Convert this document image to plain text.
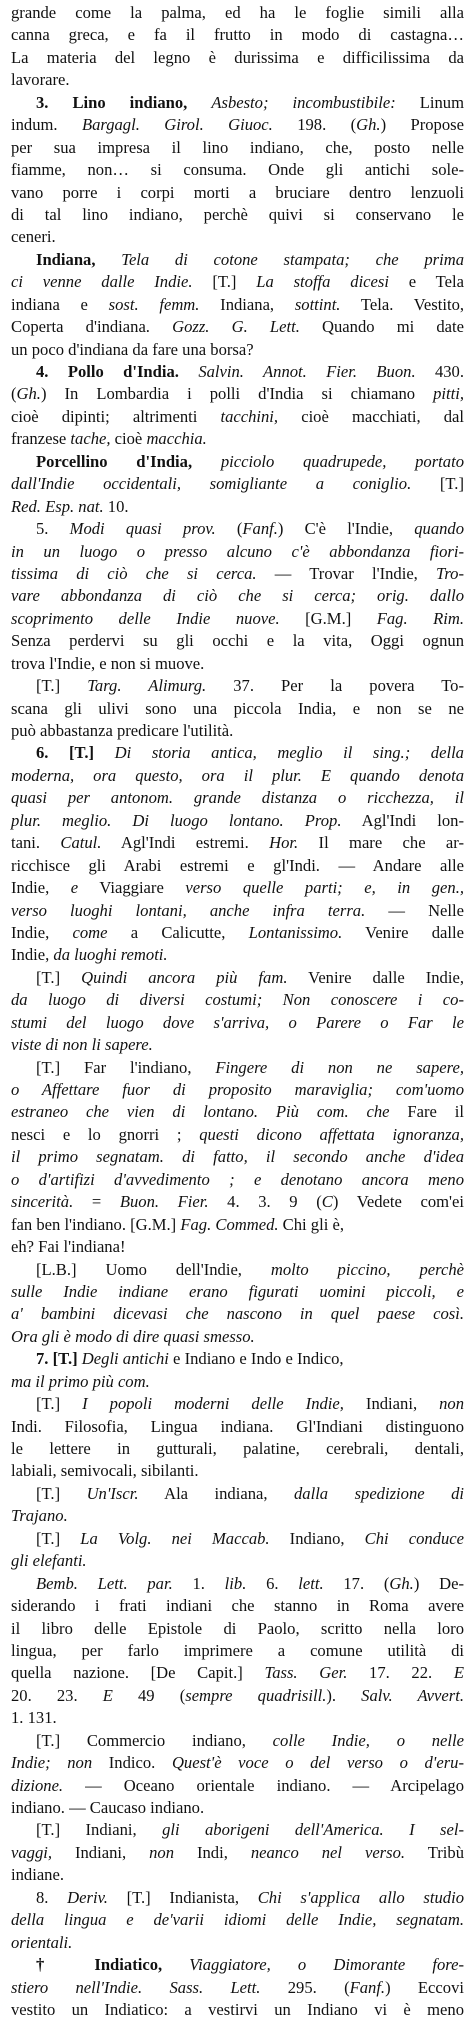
grande come la palma, ed ha le foglie simili alla
canna greca, e fa il frutto in modo di castagna…
La materia del legno è durissima e difficilissima da
lavorare.
3. Lino indiano, Asbesto; incombustibile: Linum
indum. Bargagl. Girol. Giuoc. 198. (Gh.) Propose
per sua impresa il lino indiano, che, posto nelle
fiamme, non… si consuma. Onde gli antichi sole-
vano porre i corpi morti a bruciare dentro lenzuoli
di tal lino indiano, perchè quivi si conservano le
ceneri.
Indiana, Tela di cotone stampata; che prima
ci venne dalle Indie. [T.] La stoffa dicesi e Tela
indiana e sost. femm. Indiana, sottint. Tela. Vestito,
Coperta d'indiana. Gozz. G. Lett. Quando mi date
un poco d'indiana da fare una borsa?
4. Pollo d'India. Salvin. Annot. Fier. Buon. 430.
(Gh.) In Lombardia i polli d'India si chiamano pitti,
cioè dipinti; altrimenti tacchini, cioè macchiati, dal
franzese tache, cioè macchia.
Porcellino d'India, picciolo quadrupede, portato
dall'Indie occidentali, somigliante a coniglio. [T.]
Red. Esp. nat. 10.
5. Modi quasi prov. (Fanf.) C'è l'Indie, quando
in un luogo o presso alcuno c'è abbondanza fiori-
tissima di ciò che si cerca. — Trovar l'Indie, Tro-
vare abbondanza di ciò che si cerca; orig. dallo
scoprimento delle Indie nuove. [G.M.] Fag. Rim.
Senza perdervi su gli occhi e la vita, Oggi ognun
trova l'Indie, e non si muove.
[T.] Targ. Alimurg. 37. Per la povera To-
scana gli ulivi sono una piccola India, e non se ne
può abbastanza predicare l'utilità.
6. [T.] Di storia antica, meglio il sing.; della
moderna, ora questo, ora il plur. E quando denota
quasi per antonom. grande distanza o ricchezza, il
plur. meglio. Di luogo lontano. Prop. Agl'Indi lon-
tani. Catul. Agl'Indi estremi. Hor. Il mare che ar-
ricchisce gli Arabi estremi e gl'Indi. — Andare alle
Indie, e Viaggiare verso quelle parti; e, in gen.,
verso luoghi lontani, anche infra terra. — Nelle
Indie, come a Calicutte, Lontanissimo. Venire dalle
Indie, da luoghi remoti.
[T.] Quindi ancora più fam. Venire dalle Indie,
da luogo di diversi costumi; Non conoscere i co-
stumi del luogo dove s'arriva, o Parere o Far le
viste di non li sapere.
[T.] Far l'indiano, Fingere di non ne sapere,
o Affettare fuor di proposito maraviglia; com'uomo
estraneo che vien di lontano. Più com. che Fare il
nesci e lo gnorri ; questi dicono affettata ignoranza,
il primo segnatam. di fatto, il secondo anche d'idea
o d'artifizi d'avvedimento ; e denotano ancora meno
sincerità. = Buon. Fier. 4. 3. 9 (C) Vedete com'ei
fan ben l'indiano. [G.M.] Fag. Commed. Chi gli è,
eh? Fai l'indiana!
[L.B.] Uomo dell'Indie, molto piccino, perchè
sulle Indie indiane erano figurati uomini piccoli, e
a' bambini dicevasi che nascono in quel paese così.
Ora gli è modo di dire quasi smesso.
7. [T.] Degli antichi e Indiano e Indo e Indico,
ma il primo più com.
[T.] I popoli moderni delle Indie, Indiani, non
Indi. Filosofia, Lingua indiana. Gl'Indiani distinguono
le lettere in gutturali, palatine, cerebrali, dentali,
labiali, semivocali, sibilanti.
[T.] Un'Iscr. Ala indiana, dalla spedizione di
Trajano.
[T.] La Volg. nei Maccab. Indiano, Chi conduce
gli elefanti.
Bemb. Lett. par. 1. lib. 6. lett. 17. (Gh.) De-
siderando i frati indiani che stanno in Roma avere
il libro delle Epistole di Paolo, scritto nella loro
lingua, per farlo imprimere a comune utilità di
quella nazione. [De Capit.] Tass. Ger. 17. 22. E
20. 23. E 49 (sempre quadrisill.). Salv. Avvert.
1. 131.
[T.] Commercio indiano, colle Indie, o nelle
Indie; non Indico. Quest'è voce o del verso o d'eru-
dizione. — Oceano orientale indiano. — Arcipelago
indiano. — Caucaso indiano.
[T.] Indiani, gli aborigeni dell'America. I sel-
vaggi, Indiani, non Indi, neanco nel verso. Tribù
indiane.
8. Deriv. [T.] Indianista, Chi s'applica allo studio
della lingua e de'varii idiomi delle Indie, segnatam.
orientali.
† Indiatico, Viaggiatore, o Dimorante fore-
stiero nell'Indie. Sass. Lett. 295. (Fanf.) Eccovi
vestito un Indiatico: a vestirvi un Indiano vi è meno
